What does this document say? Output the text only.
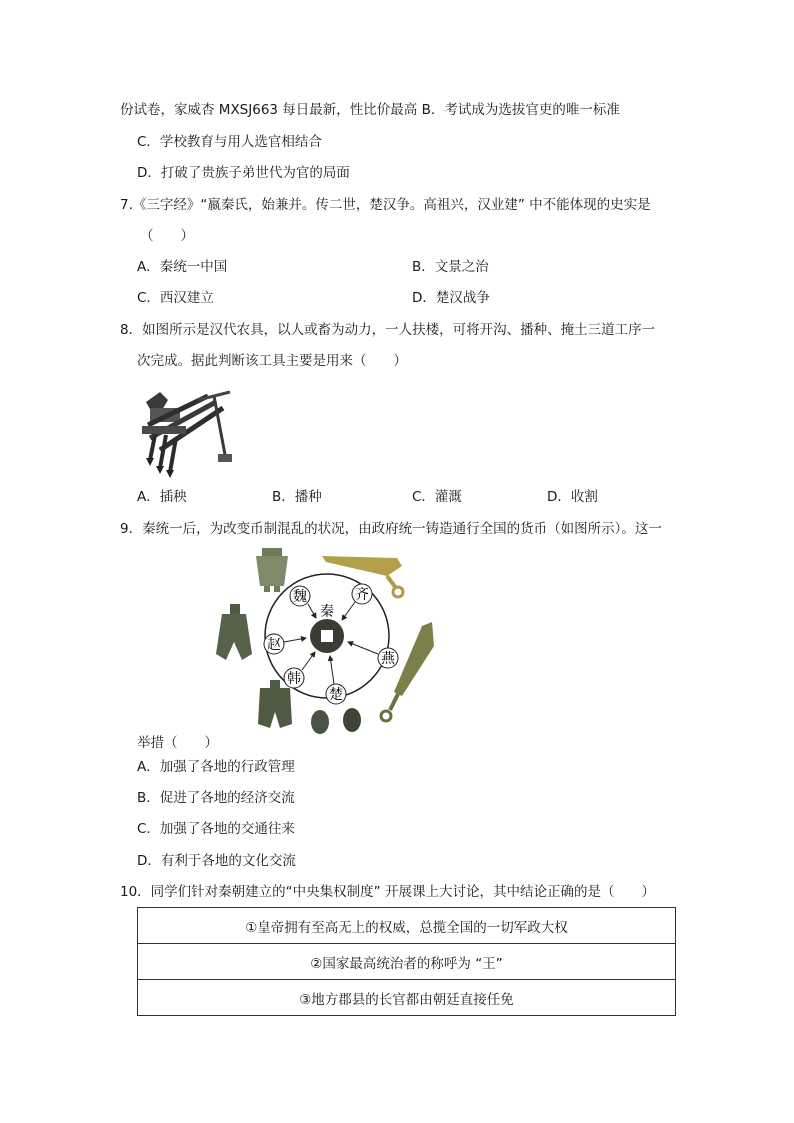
份试卷，家威杏 MXSJ663 每日最新，性比价最高 B．考试成为选拔官吏的唯一标准
C．学校教育与用人选官相结合
D．打破了贵族子弟世代为官的局面
7.《三字经》“嬴秦氏，始兼并。传二世，楚汉争。高祖兴，汉业建” 中不能体现的史实是
（　　）
A．秦统一中国	B．文景之治
C．西汉建立	D．楚汉战争
8．如图所示是汉代农具，以人或畜为动力，一人扶楼，可将开沟、播种、掩土三道工序一
次完成。据此判断该工具主要是用来（　　）
A．插秧	B．播种	C．灌溉	D．收割
9．秦统一后，为改变币制混乱的状况，由政府统一铸造通行全国的货币（如图所示）。这一
秦
魏	齐
赵
燕
韩
楚
举措（　　）
A．加强了各地的行政管理
B．促进了各地的经济交流
C．加强了各地的交通往来
D．有利于各地的文化交流
10．同学们针对秦朝建立的“中央集权制度” 开展课上大讨论，其中结论正确的是（　　）
①皇帝拥有至高无上的权威，总揽全国的一切军政大权
②国家最高统治者的称呼为 “王”
③地方郡县的长官都由朝廷直接任免
